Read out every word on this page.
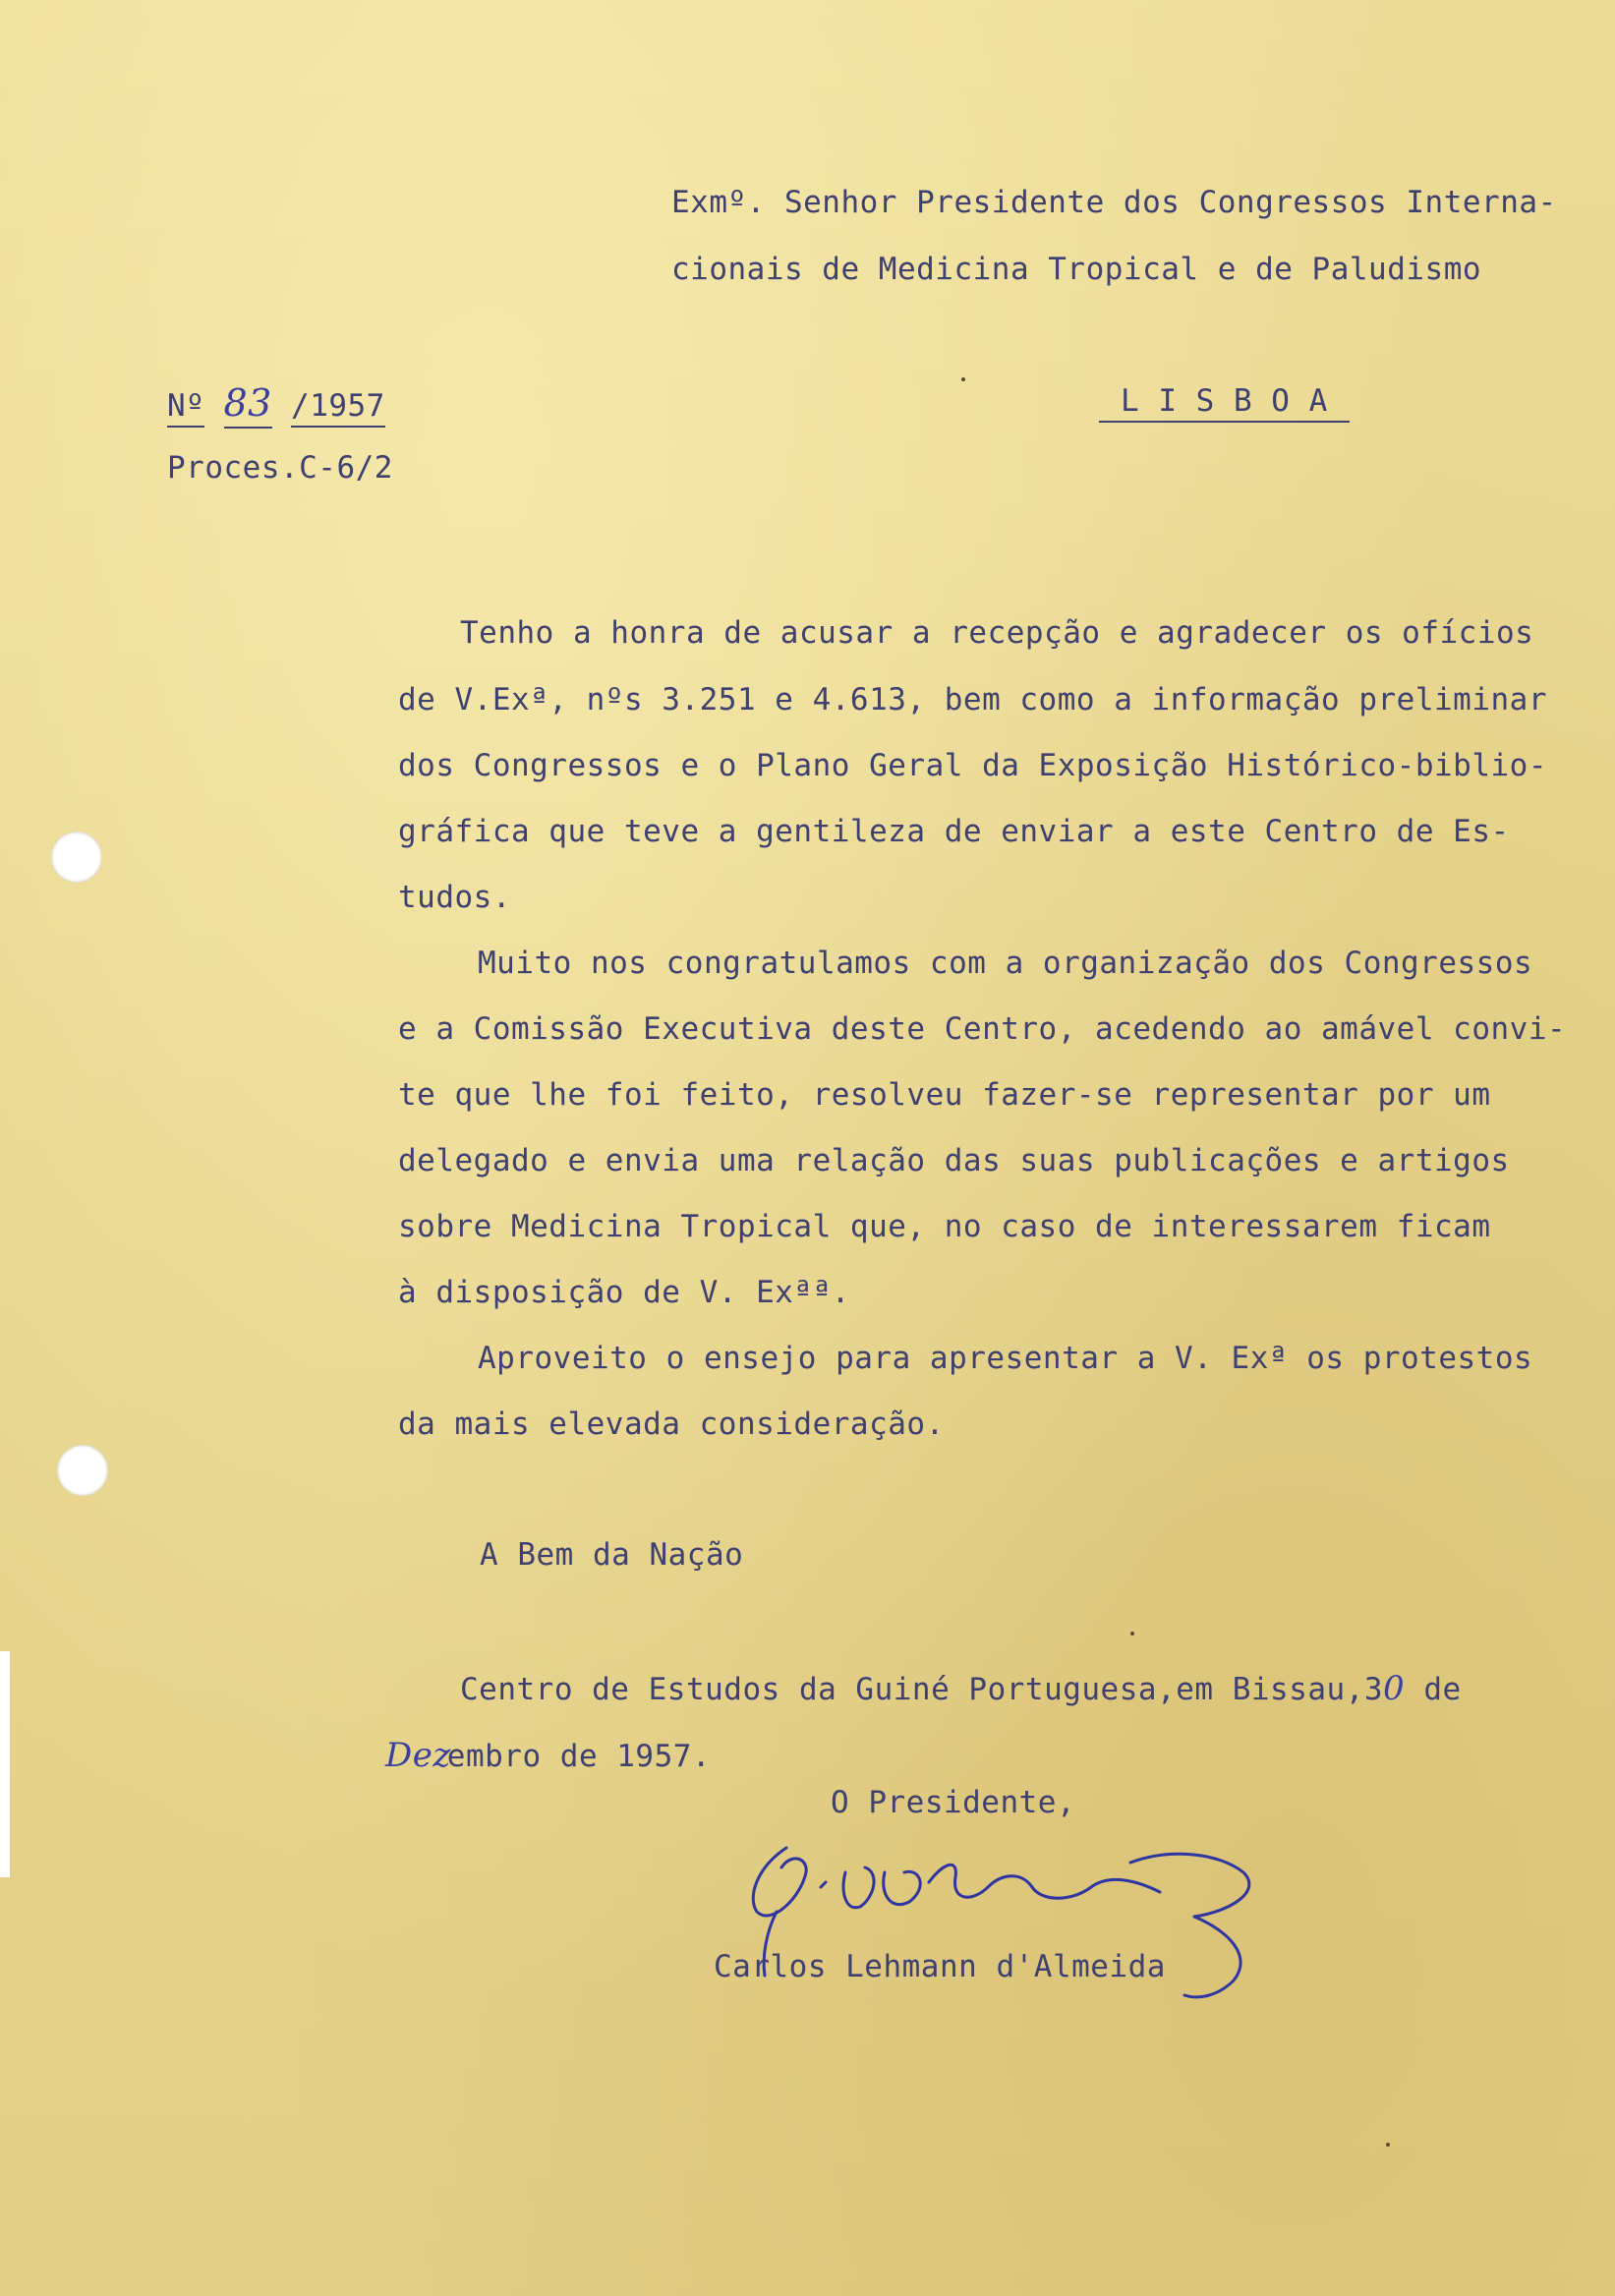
Exmº. Senhor Presidente dos Congressos Interna-
cionais de Medicina Tropical e de Paludismo
Nº 83 /1957
Proces.C-6/2
L I S B O A
Tenho a honra de acusar a recepção e agradecer os ofícios
de V.Exª, nºs 3.251 e 4.613, bem como a informação preliminar
dos Congressos e o Plano Geral da Exposição Histórico-biblio-
gráfica que teve a gentileza de enviar a este Centro de Es-
tudos.
Muito nos congratulamos com a organização dos Congressos
e a Comissão Executiva deste Centro, acedendo ao amável convi-
te que lhe foi feito, resolveu fazer-se representar por um
delegado e envia uma relação das suas publicações e artigos
sobre Medicina Tropical que, no caso de interessarem ficam
à disposição de V. Exªª.
Aproveito o ensejo para apresentar a V. Exª os protestos
da mais elevada consideração.
A Bem da Nação
Centro de Estudos da Guiné Portuguesa,em Bissau,30 de
Dezembro de 1957.
O Presidente,
Carlos Lehmann d'Almeida
